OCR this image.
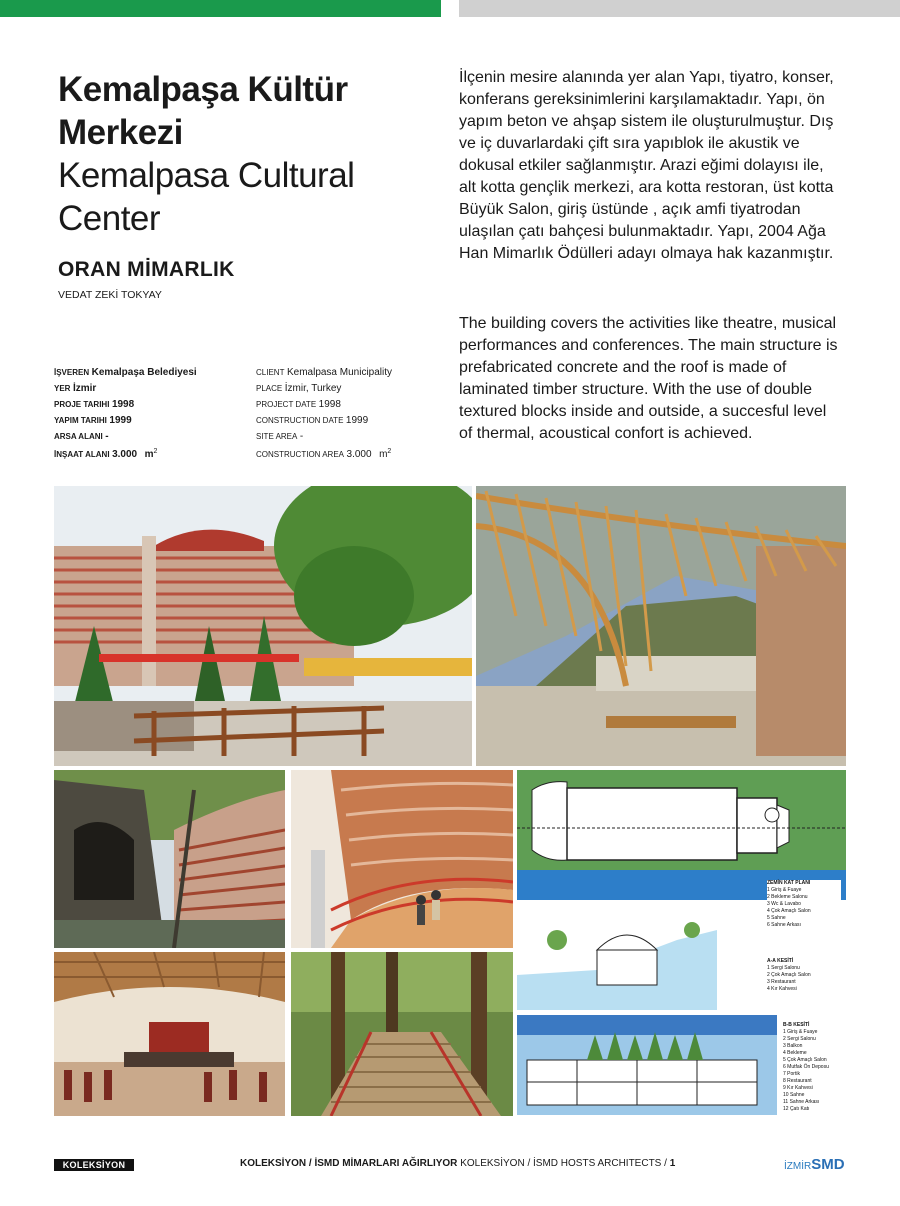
Kemalpaşa Kültür
Merkezi
Kemalpasa Cultural
Center
ORAN MİMARLIK
VEDAT ZEKİ TOKYAY
İŞVEREN Kemalpaşa Belediyesi
YER İzmir
PROJE TARIHI 1998
YAPIM TARIHI 1999
ARSA ALANI -
İNŞAAT ALANI 3.000 $m^2$
CLIENT Kemalpasa Municipality
PLACE İzmir, Turkey
PROJECT DATE 1998
CONSTRUCTION DATE 1999
SITE AREA -
CONSTRUCTION AREA 3.000 $m^2$
İlçenin mesire alanında yer alan Yapı, tiyatro, konser, konferans gereksinimlerini karşılamaktadır. Yapı, ön yapım beton ve ahşap sistem ile oluşturulmuştur. Dış ve iç duvarlardaki çift sıra yapıblok ile akustik ve dokusal etkiler sağlanmıştır. Arazi eğimi dolayısı ile, alt kotta gençlik merkezi, ara kotta restoran, üst kotta Büyük Salon, giriş üstünde , açık amfi tiyatrodan ulaşılan çatı bahçesi bulunmaktadır. Yapı, 2004 Ağa Han Mimarlık Ödülleri adayı olmaya hak kazanmıştır.
The building covers the activities like theatre, musical performances and conferences. The main structure is prefabricated concrete and the roof is made of laminated timber structure. With the use of double textured blocks inside and outside, a succesful level of thermal, acoustical confort is achieved.
ZEMİN KAT PLANI
1 Giriş & Fuaye
2 Bekleme Salonu
3 Wc & Lavabo
4 Çok Amaçlı Salon
5 Sahne
6 Sahne Arkası
A-A KESİTİ
1 Sergi Salonu
2 Çok Amaçlı Salon
3 Restaurant
4 Kır Kahvesi
B-B KESİTİ
1 Giriş & Fuaye
2 Sergi Salonu
3 Balkon
4 Bekleme
5 Çok Amaçlı Salon
6 Mutfak Ön Deposu
7 Portik
8 Restaurant
9 Kır Kahvesi
10 Sahne
11 Sahne Arkası
12 Çatı Katı
KOLEKSİYON	KOLEKSİYON / İSMD MİMARLARI AĞIRLIYOR KOLEKSİYON / İSMD HOSTS ARCHITECTS / 1	İZMİRSMD
